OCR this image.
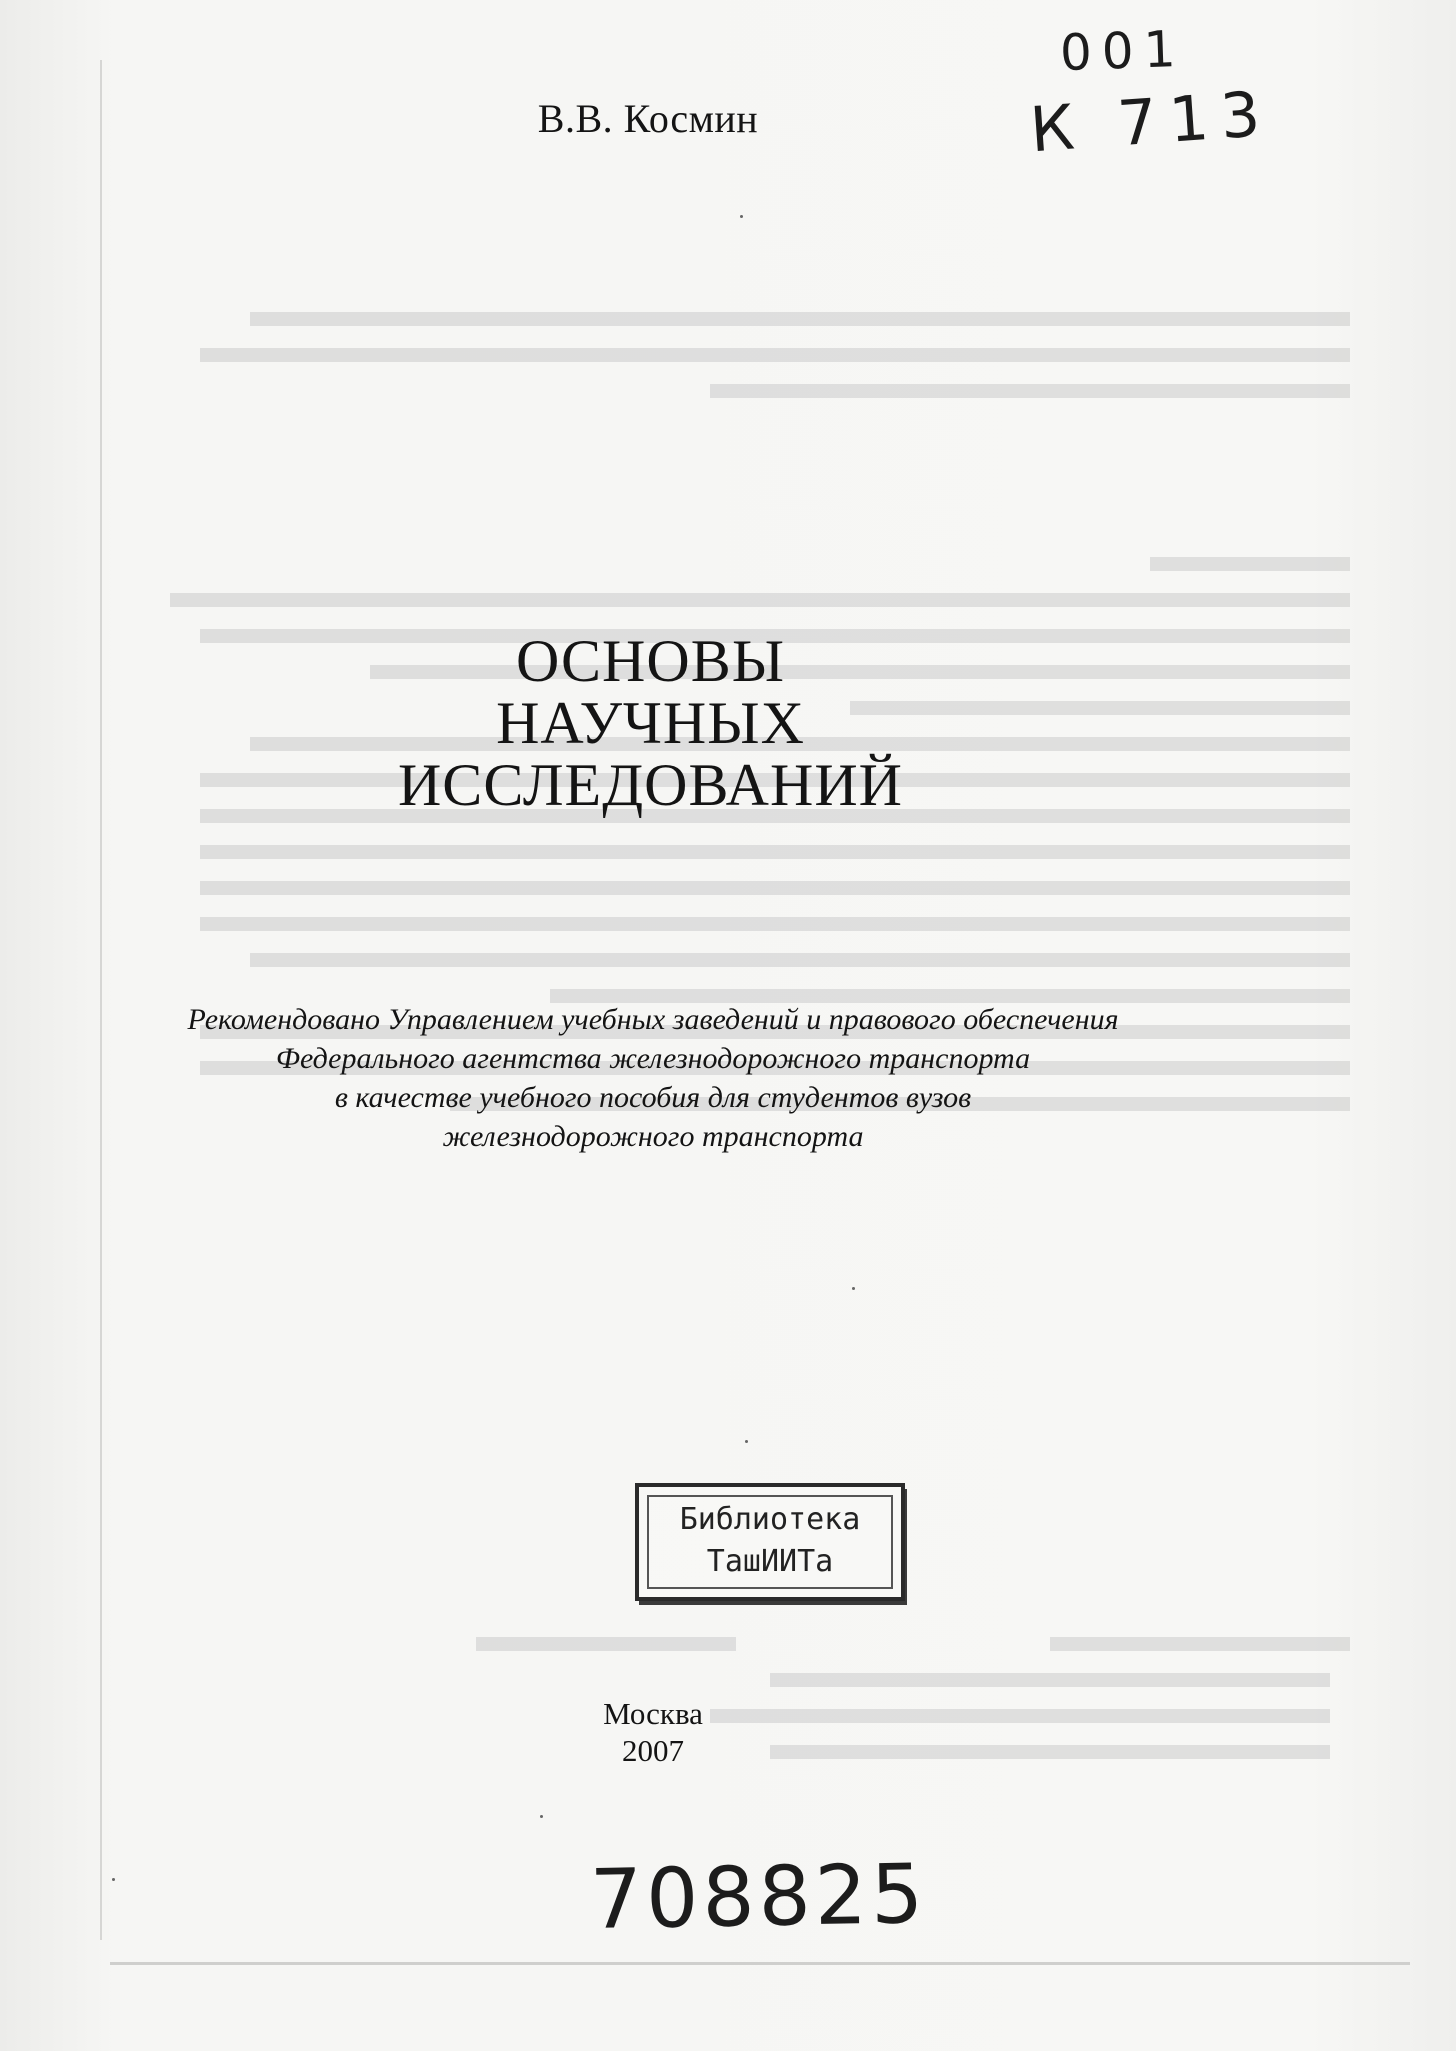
В.В. Космин
ОСНОВЫ
НАУЧНЫХ
ИССЛЕДОВАНИЙ
Рекомендовано Управлением учебных заведений и правового обеспечения
Федерального агентства железнодорожного транспорта
в качестве учебного пособия для студентов вузов
железнодорожного транспорта
Библиотека
ТашИИТа
Москва
2007
001
К 713
708825
